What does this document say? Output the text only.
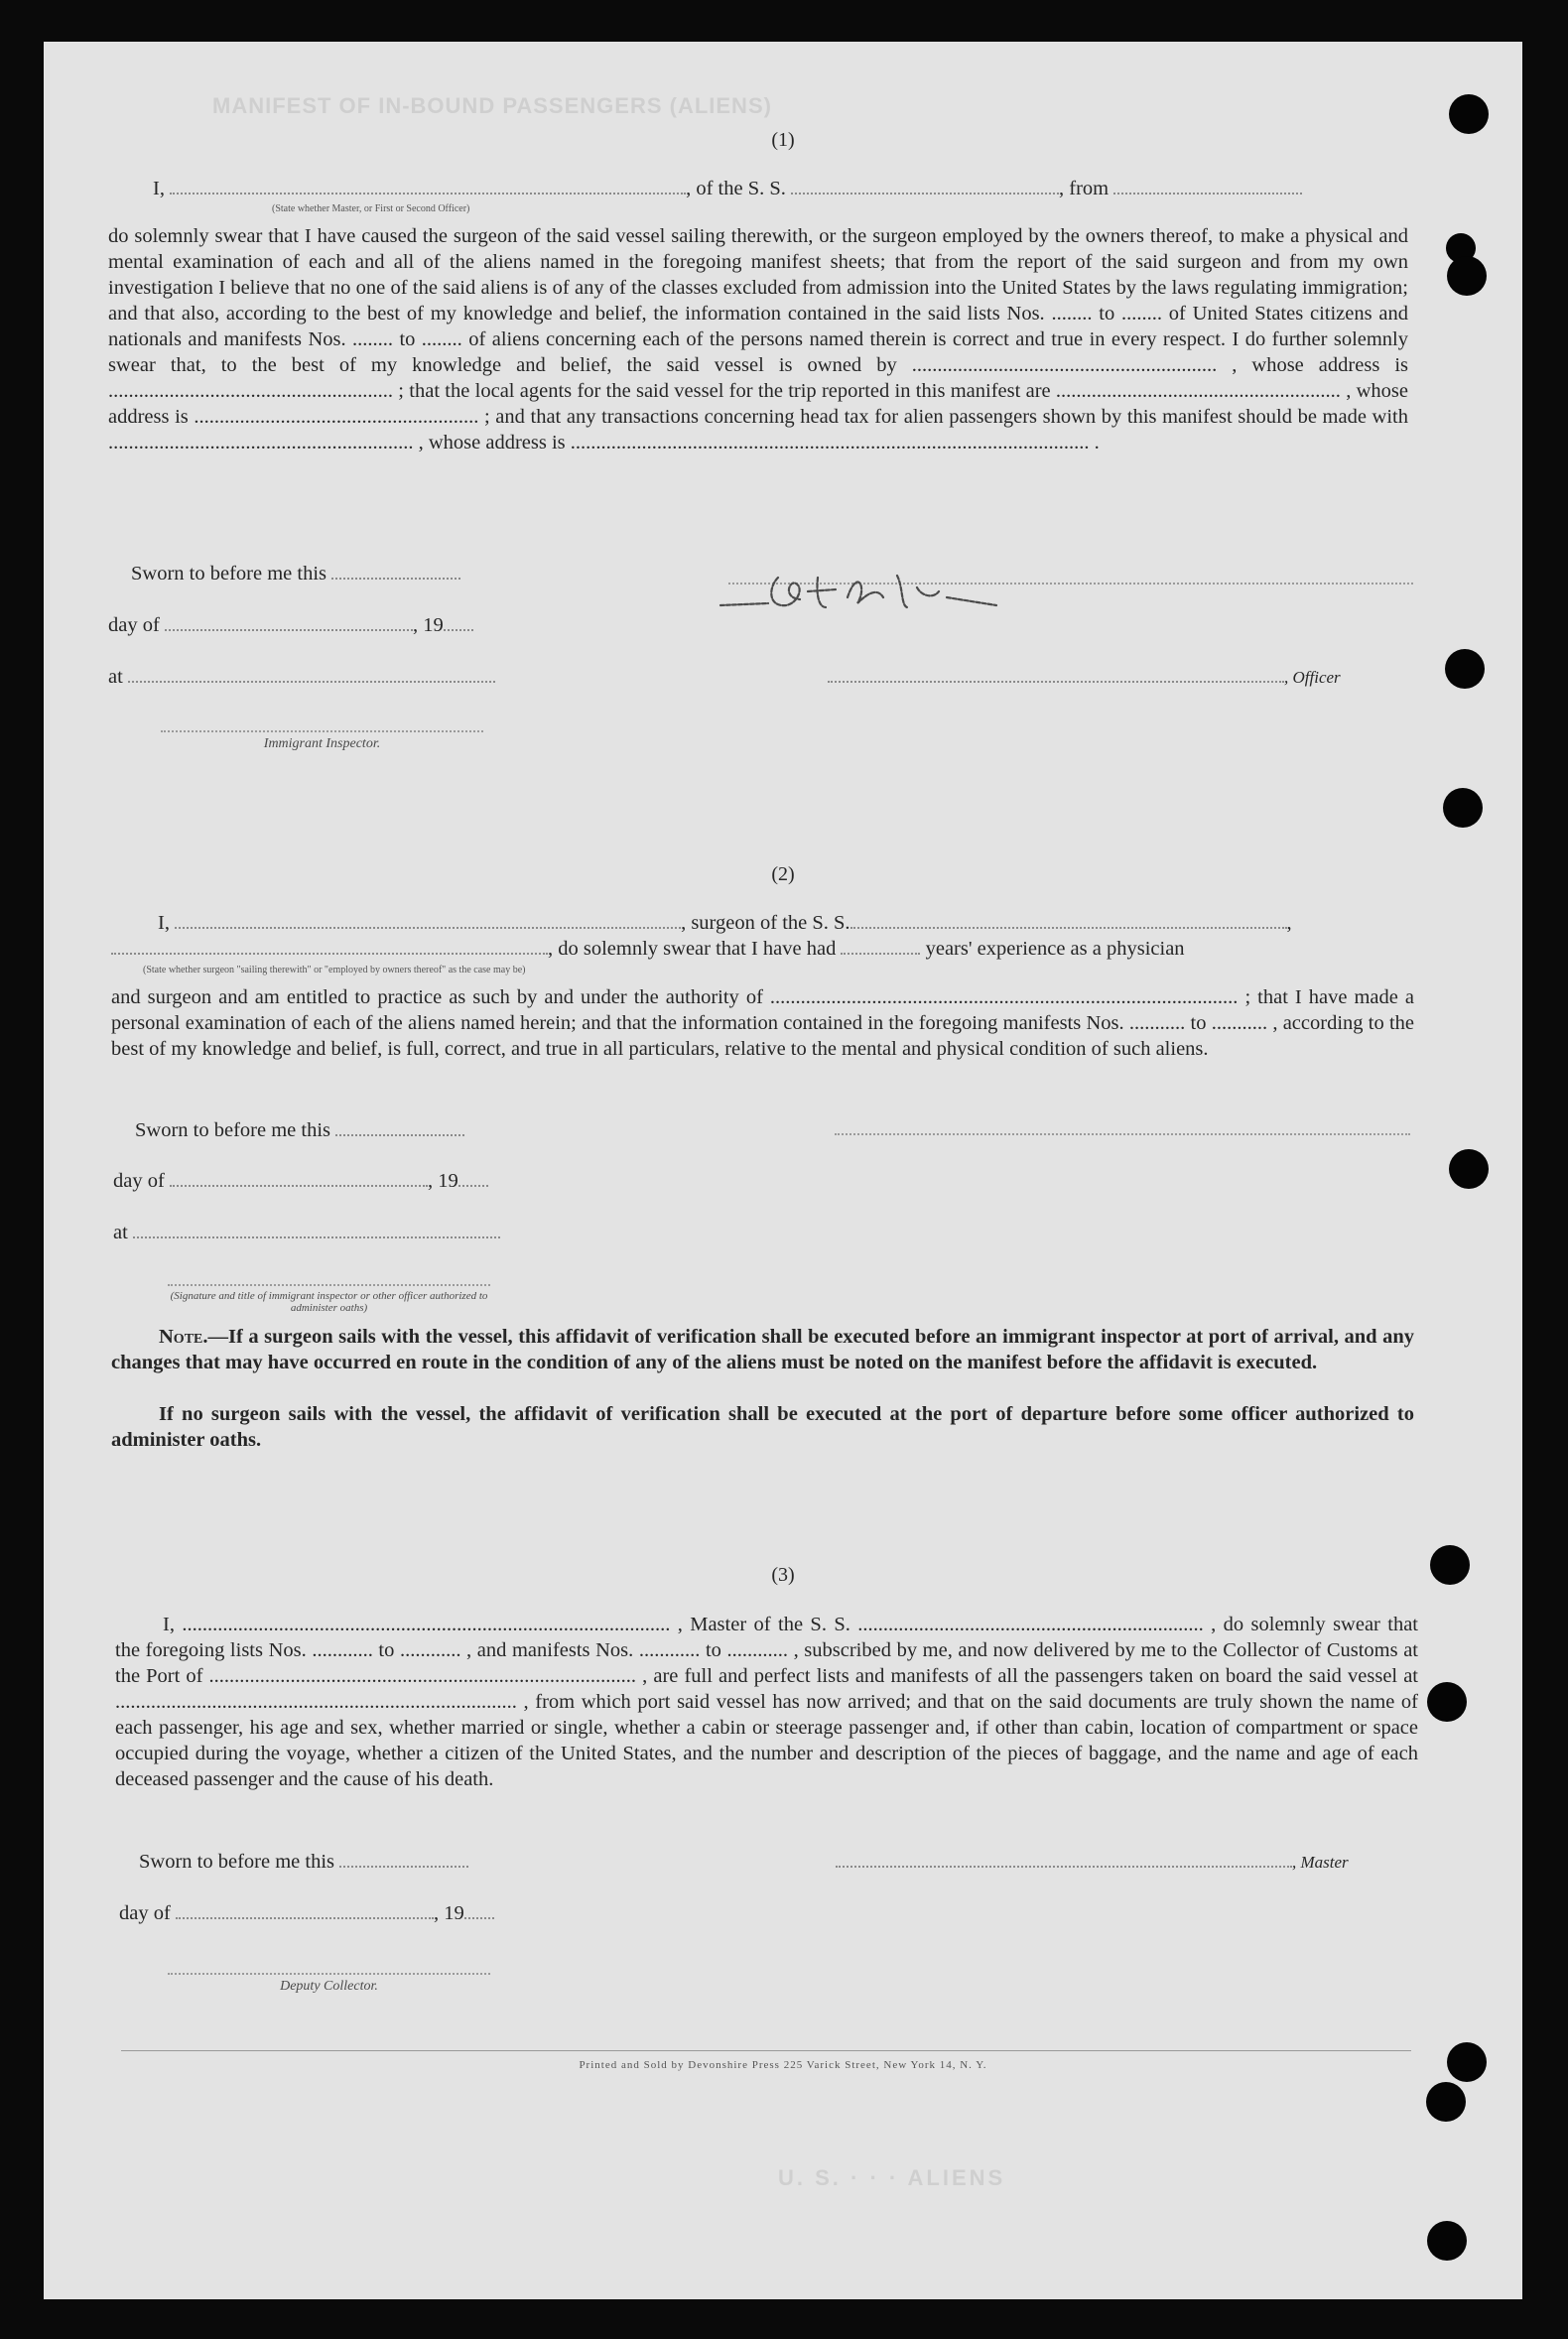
MANIFEST OF IN-BOUND PASSENGERS (ALIENS)
U. S. · · · ALIENS
(1)
I,	, of the S. S.	, from
(State whether Master, or First or Second Officer)
do solemnly swear that I have caused the surgeon of the said vessel sailing therewith, or the surgeon employed by the owners thereof, to make a physical and mental examination of each and all of the aliens named in the foregoing manifest sheets; that from the report of the said surgeon and from my own investigation I believe that no one of the said aliens is of any of the classes excluded from admission into the United States by the laws regulating immigration; and that also, according to the best of my knowledge and belief, the information contained in the said lists Nos. ........ to ........ of United States citizens and nationals and manifests Nos. ........ to ........ of aliens concerning each of the persons named therein is correct and true in every respect. I do further solemnly swear that, to the best of my knowledge and belief, the said vessel is owned by ............................................................ , whose address is ........................................................ ; that the local agents for the said vessel for the trip reported in this manifest are ........................................................ , whose address is ........................................................ ; and that any transactions concerning head tax for alien passengers shown by this manifest should be made with ............................................................ , whose address is ...................................................................................................... .
Sworn to before me this
day of	, 19
at	, Officer
Immigrant Inspector.
(2)
I,	, surgeon of the S. S.	,
, do solemnly swear that I have had	years' experience as a physician
(State whether surgeon "sailing therewith" or "employed by owners thereof" as the case may be)
and surgeon and am entitled to practice as such by and under the authority of ............................................................................................ ; that I have made a personal examination of each of the aliens named herein; and that the information contained in the foregoing manifests Nos. ........... to ........... , according to the best of my knowledge and belief, is full, correct, and true in all particulars, relative to the mental and physical condition of such aliens.
Sworn to before me this
day of	, 19
at
(Signature and title of immigrant inspector or other officer authorized to administer oaths)
Note.—If a surgeon sails with the vessel, this affidavit of verification shall be executed before an immigrant inspector at port of arrival, and any changes that may have occurred en route in the condition of any of the aliens must be noted on the manifest before the affidavit is executed.
If no surgeon sails with the vessel, the affidavit of verification shall be executed at the port of departure before some officer authorized to administer oaths.
(3)
I, ................................................................................................ , Master of the S. S. .................................................................... , do solemnly swear that the foregoing lists Nos. ............ to ............ , and manifests Nos. ............ to ............ , subscribed by me, and now delivered by me to the Collector of Customs at the Port of .................................................................................... , are full and perfect lists and manifests of all the passengers taken on board the said vessel at ............................................................................... , from which port said vessel has now arrived; and that on the said documents are truly shown the name of each passenger, his age and sex, whether married or single, whether a cabin or steerage passenger and, if other than cabin, location of compartment or space occupied during the voyage, whether a citizen of the United States, and the number and description of the pieces of baggage, and the name and age of each deceased passenger and the cause of his death.
Sworn to before me this	, Master
day of	, 19
Deputy Collector.
Printed and Sold by Devonshire Press 225 Varick Street, New York 14, N. Y.
